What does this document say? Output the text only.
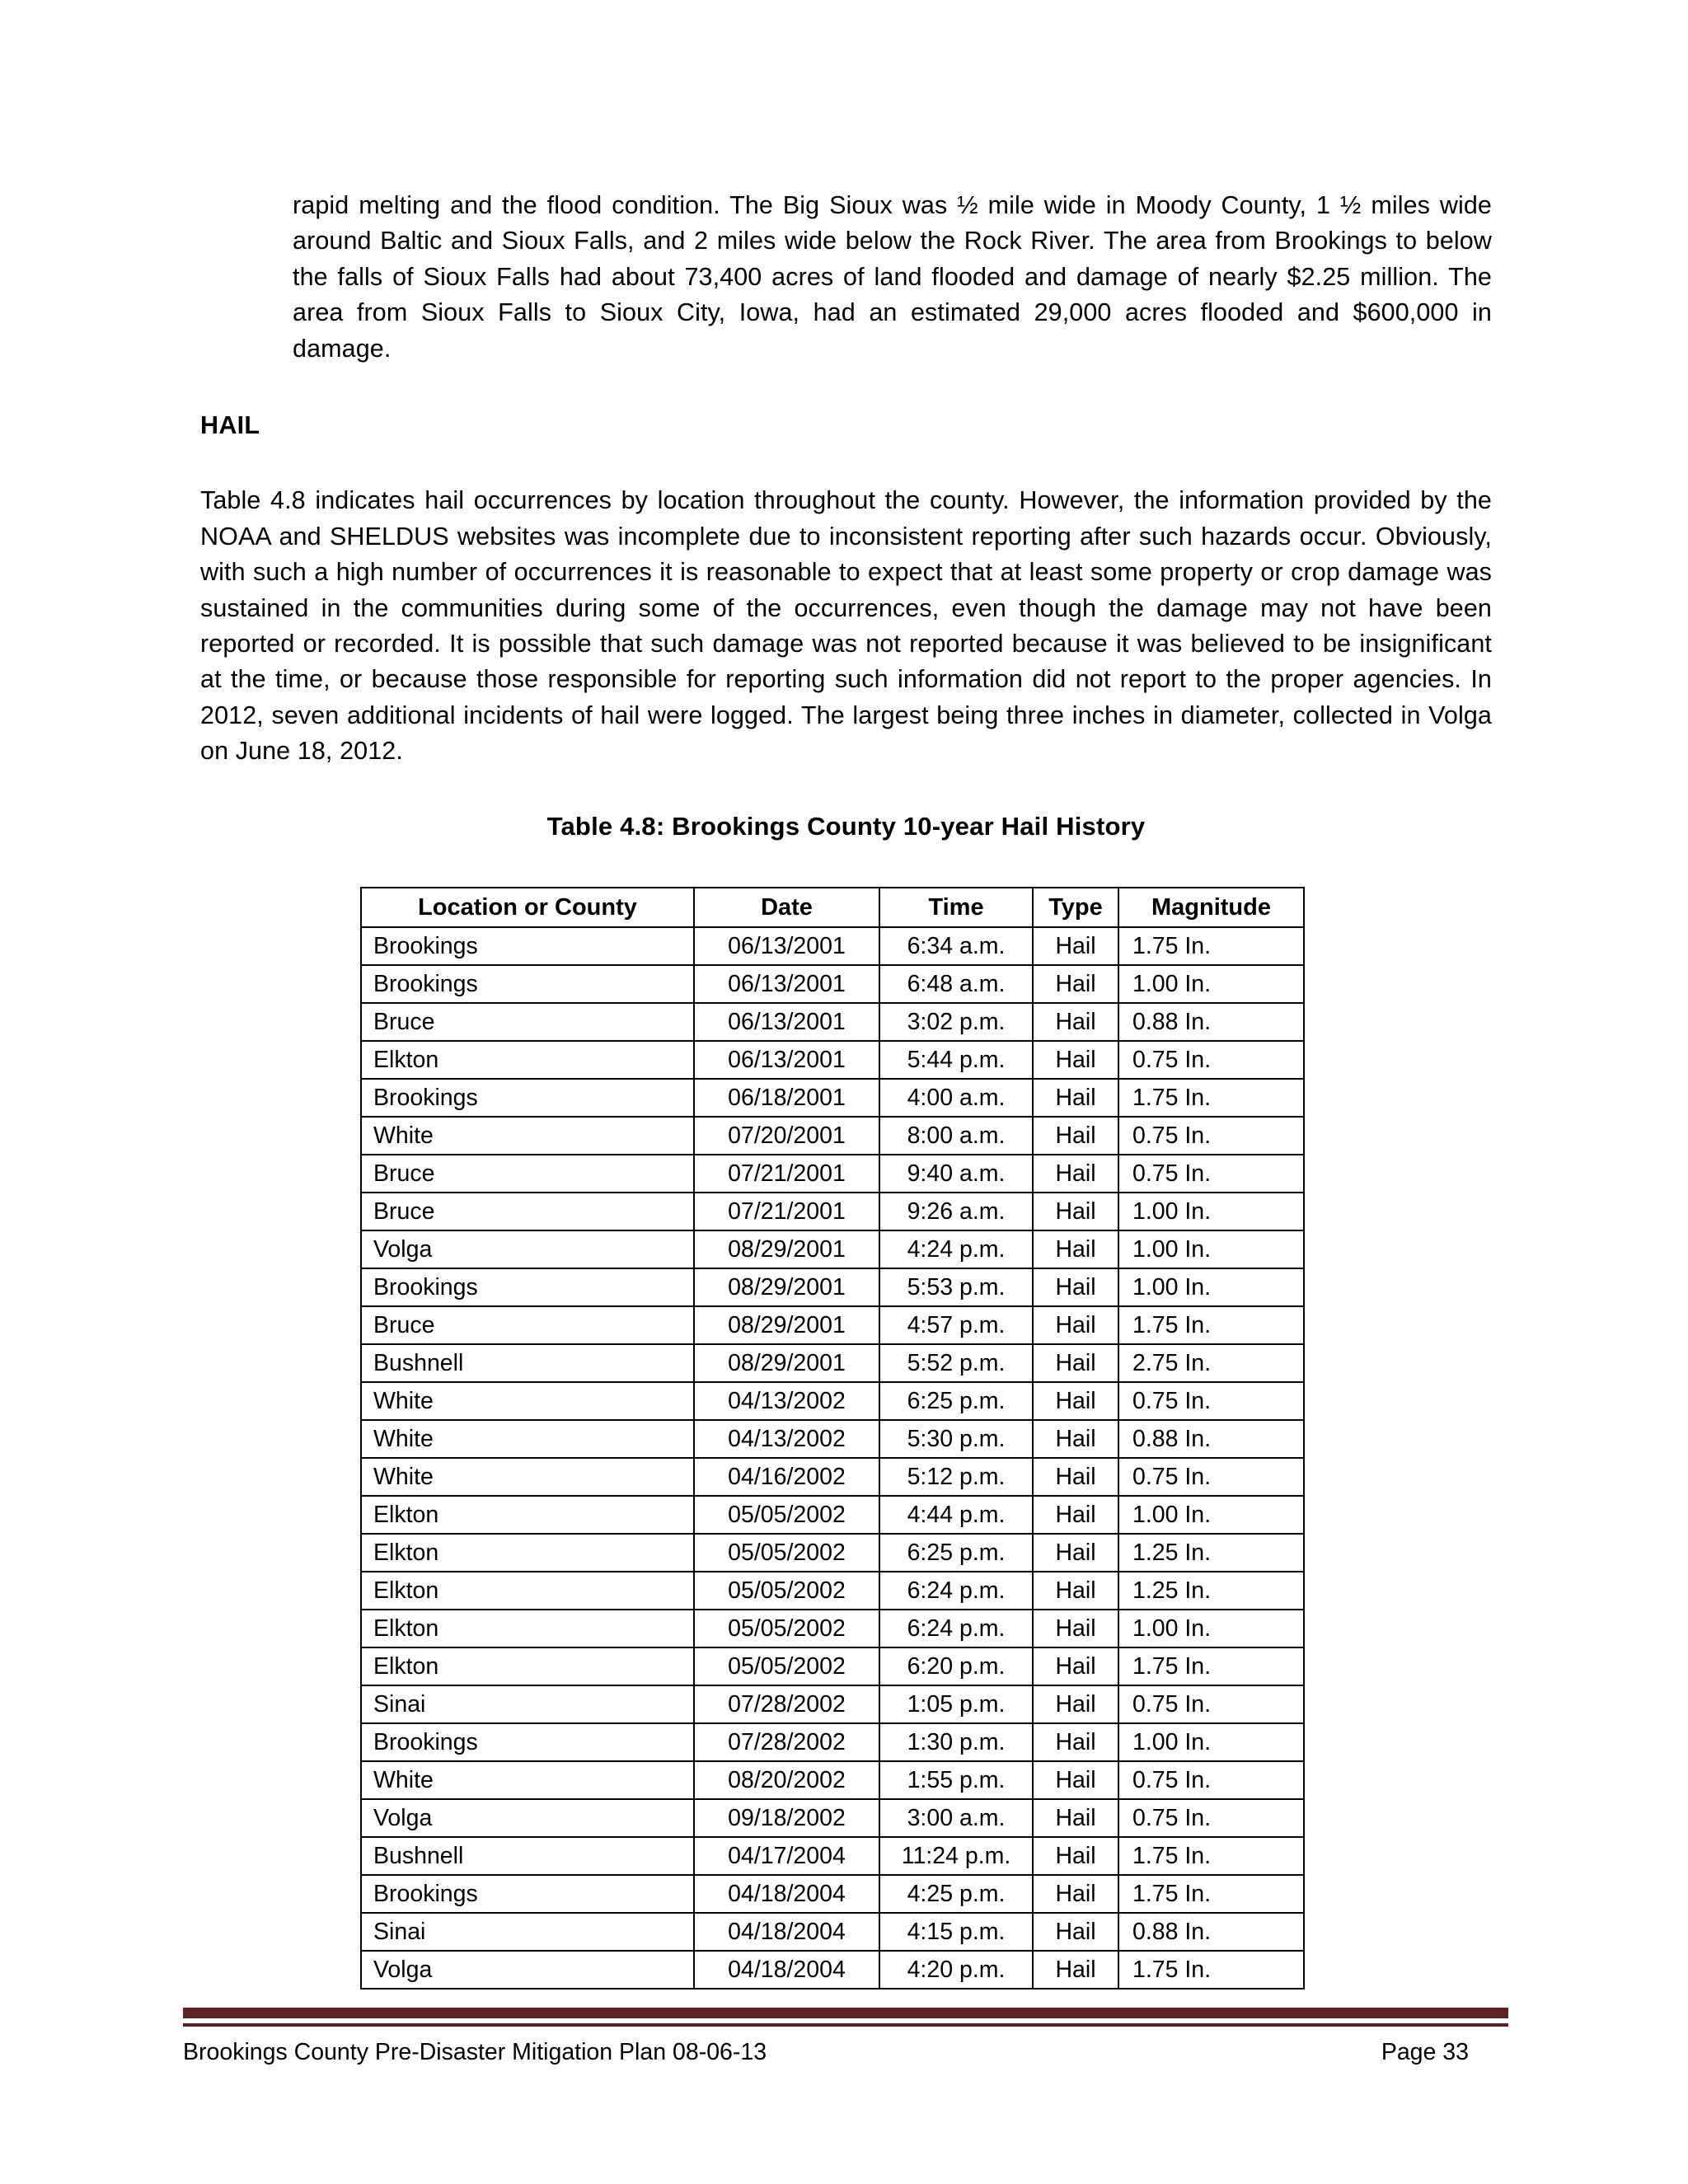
rapid melting and the flood condition. The Big Sioux was ½ mile wide in Moody County, 1 ½ miles wide around Baltic and Sioux Falls, and 2 miles wide below the Rock River. The area from Brookings to below the falls of Sioux Falls had about 73,400 acres of land flooded and damage of nearly $2.25 million. The area from Sioux Falls to Sioux City, Iowa, had an estimated 29,000 acres flooded and $600,000 in damage.

HAIL

Table 4.8 indicates hail occurrences by location throughout the county. However, the information provided by the NOAA and SHELDUS websites was incomplete due to inconsistent reporting after such hazards occur. Obviously, with such a high number of occurrences it is reasonable to expect that at least some property or crop damage was sustained in the communities during some of the occurrences, even though the damage may not have been reported or recorded. It is possible that such damage was not reported because it was believed to be insignificant at the time, or because those responsible for reporting such information did not report to the proper agencies. In 2012, seven additional incidents of hail were logged. The largest being three inches in diameter, collected in Volga on June 18, 2012.

Table 4.8: Brookings County 10-year Hail History
Location or County	Date	Time	Type	Magnitude
Brookings	06/13/2001	6:34 a.m.	Hail	1.75 In.
Brookings	06/13/2001	6:48 a.m.	Hail	1.00 In.
Bruce	06/13/2001	3:02 p.m.	Hail	0.88 In.
Elkton	06/13/2001	5:44 p.m.	Hail	0.75 In.
Brookings	06/18/2001	4:00 a.m.	Hail	1.75 In.
White	07/20/2001	8:00 a.m.	Hail	0.75 In.
Bruce	07/21/2001	9:40 a.m.	Hail	0.75 In.
Bruce	07/21/2001	9:26 a.m.	Hail	1.00 In.
Volga	08/29/2001	4:24 p.m.	Hail	1.00 In.
Brookings	08/29/2001	5:53 p.m.	Hail	1.00 In.
Bruce	08/29/2001	4:57 p.m.	Hail	1.75 In.
Bushnell	08/29/2001	5:52 p.m.	Hail	2.75 In.
White	04/13/2002	6:25 p.m.	Hail	0.75 In.
White	04/13/2002	5:30 p.m.	Hail	0.88 In.
White	04/16/2002	5:12 p.m.	Hail	0.75 In.
Elkton	05/05/2002	4:44 p.m.	Hail	1.00 In.
Elkton	05/05/2002	6:25 p.m.	Hail	1.25 In.
Elkton	05/05/2002	6:24 p.m.	Hail	1.25 In.
Elkton	05/05/2002	6:24 p.m.	Hail	1.00 In.
Elkton	05/05/2002	6:20 p.m.	Hail	1.75 In.
Sinai	07/28/2002	1:05 p.m.	Hail	0.75 In.
Brookings	07/28/2002	1:30 p.m.	Hail	1.00 In.
White	08/20/2002	1:55 p.m.	Hail	0.75 In.
Volga	09/18/2002	3:00 a.m.	Hail	0.75 In.
Bushnell	04/17/2004	11:24 p.m.	Hail	1.75 In.
Brookings	04/18/2004	4:25 p.m.	Hail	1.75 In.
Sinai	04/18/2004	4:15 p.m.	Hail	0.88 In.
Volga	04/18/2004	4:20 p.m.	Hail	1.75 In.
Brookings County Pre-Disaster Mitigation Plan 08-06-13	Page 33
